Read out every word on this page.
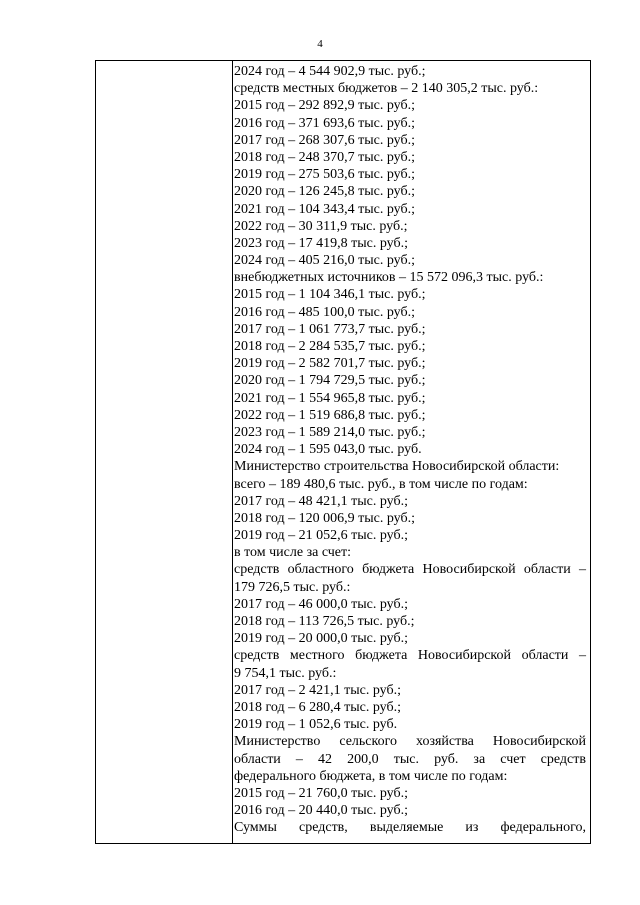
4
2024 год – 4 544 902,9 тыс. руб.;
средств местных бюджетов – 2 140 305,2 тыс. руб.:
2015 год – 292 892,9 тыс. руб.;
2016 год – 371 693,6 тыс. руб.;
2017 год – 268 307,6 тыс. руб.;
2018 год – 248 370,7 тыс. руб.;
2019 год – 275 503,6 тыс. руб.;
2020 год – 126 245,8 тыс. руб.;
2021 год – 104 343,4 тыс. руб.;
2022 год – 30 311,9 тыс. руб.;
2023 год – 17 419,8 тыс. руб.;
2024 год – 405 216,0 тыс. руб.;
внебюджетных источников – 15 572 096,3 тыс. руб.:
2015 год – 1 104 346,1 тыс. руб.;
2016 год – 485 100,0 тыс. руб.;
2017 год – 1 061 773,7 тыс. руб.;
2018 год – 2 284 535,7 тыс. руб.;
2019 год – 2 582 701,7 тыс. руб.;
2020 год – 1 794 729,5 тыс. руб.;
2021 год – 1 554 965,8 тыс. руб.;
2022 год – 1 519 686,8 тыс. руб.;
2023 год – 1 589 214,0 тыс. руб.;
2024 год – 1 595 043,0 тыс. руб.
Министерство строительства Новосибирской области:
всего – 189 480,6 тыс. руб., в том числе по годам:
2017 год – 48 421,1 тыс. руб.;
2018 год – 120 006,9 тыс. руб.;
2019 год – 21 052,6 тыс. руб.;
в том числе за счет:
средств областного бюджета Новосибирской области –
179 726,5 тыс. руб.:
2017 год – 46 000,0 тыс. руб.;
2018 год – 113 726,5 тыс. руб.;
2019 год – 20 000,0 тыс. руб.;
средств местного бюджета Новосибирской области –
9 754,1 тыс. руб.:
2017 год – 2 421,1 тыс. руб.;
2018 год – 6 280,4 тыс. руб.;
2019 год – 1 052,6 тыс. руб.
Министерство сельского хозяйства Новосибирской
области – 42 200,0 тыс. руб. за счет средств
федерального бюджета, в том числе по годам:
2015 год – 21 760,0 тыс. руб.;
2016 год – 20 440,0 тыс. руб.;
Суммы средств, выделяемые из федерального,
